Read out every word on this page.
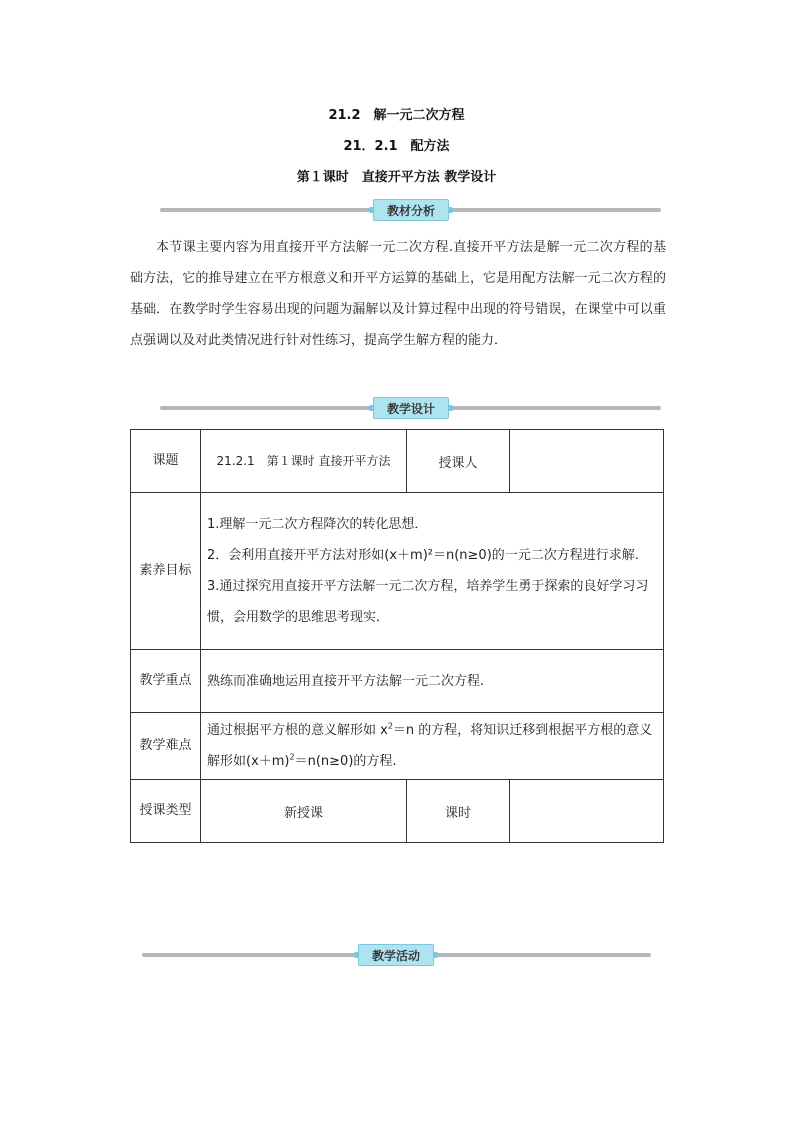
21.2　解一元二次方程
21．2.1　配方法
第１课时　直接开平方法 教学设计
教材分析
本节课主要内容为用直接开平方法解一元二次方程.直接开平方法是解一元二次方程的基础方法，它的推导建立在平方根意义和开平方运算的基础上，它是用配方法解一元二次方程的基础．在教学时学生容易出现的问题为漏解以及计算过程中出现的符号错误，在课堂中可以重点强调以及对此类情况进行针对性练习，提高学生解方程的能力．
教学设计
课题	21.2.1　第１课时 直接开平方法	授课人	
素养目标	1.理解一元二次方程降次的转化思想．

2．会利用直接开平方法对形如(x＋m)²＝n(n≥0)的一元二次方程进行求解.

3.通过探究用直接开平方法解一元二次方程，培养学生勇于探索的良好学习习惯，会用数学的思维思考现实．		

教学重点	熟练而准确地运用直接开平方法解一元二次方程.		
教学难点	通过根据平方根的意义解形如 $x^2=n$ 的方程，将知识迁移到根据平方根的意义解形如$(x+m)^2=n(n\ge 0)$的方程.		
授课类型	新授课	课时	
教学活动
